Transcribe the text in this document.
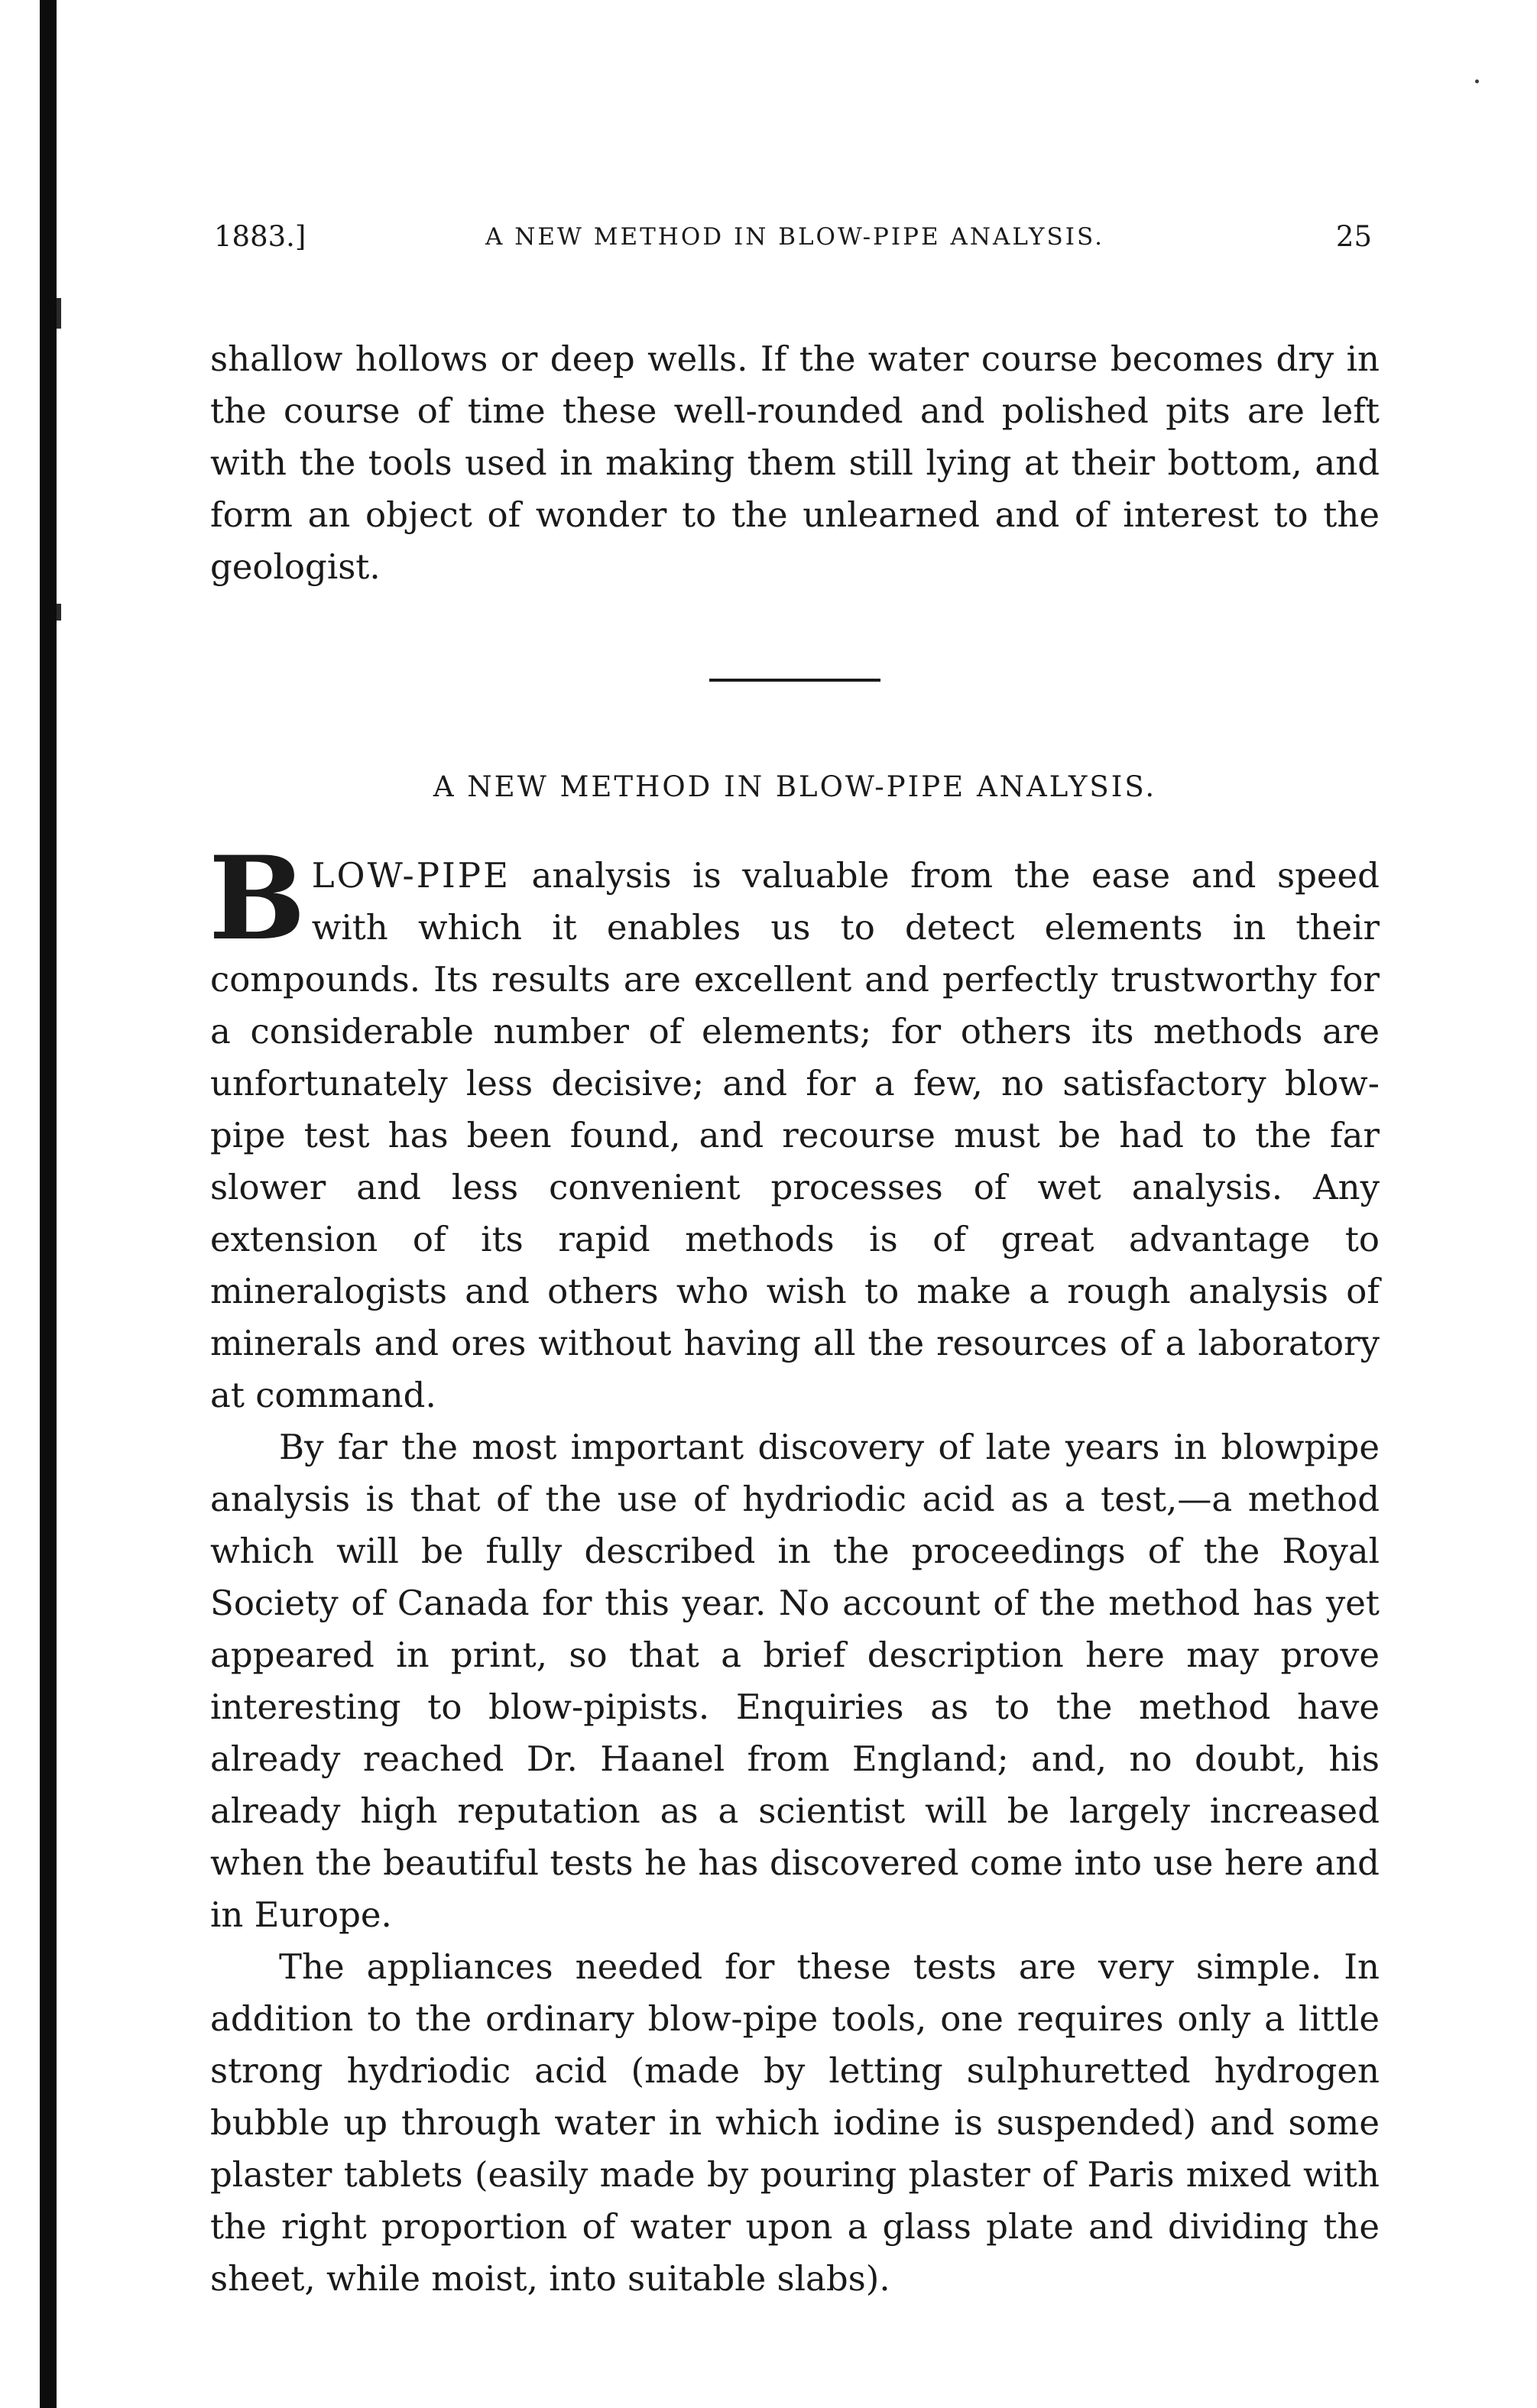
1883.]	A NEW METHOD IN BLOW-PIPE ANALYSIS.	25

shallow hollows or deep wells. If the water course becomes dry in the course of time these well-rounded and polished pits are left with the tools used in making them still lying at their bottom, and form an object of wonder to the unlearned and of interest to the geologist.

A NEW METHOD IN BLOW-PIPE ANALYSIS.

BLOW-PIPE analysis is valuable from the ease and speed with which it enables us to detect elements in their compounds. Its results are excellent and perfectly trustworthy for a considerable number of elements; for others its methods are unfortunately less decisive; and for a few, no satisfactory blow-pipe test has been found, and recourse must be had to the far slower and less convenient processes of wet analysis. Any extension of its rapid methods is of great advantage to mineralogists and others who wish to make a rough analysis of minerals and ores without having all the resources of a laboratory at command.

By far the most important discovery of late years in blowpipe analysis is that of the use of hydriodic acid as a test,—a method which will be fully described in the proceedings of the Royal Society of Canada for this year. No account of the method has yet appeared in print, so that a brief description here may prove interesting to blow-pipists. Enquiries as to the method have already reached Dr. Haanel from England; and, no doubt, his already high reputation as a scientist will be largely increased when the beautiful tests he has discovered come into use here and in Europe.

The appliances needed for these tests are very simple. In addition to the ordinary blow-pipe tools, one requires only a little strong hydriodic acid (made by letting sulphuretted hydrogen bubble up through water in which iodine is suspended) and some plaster tablets (easily made by pouring plaster of Paris mixed with the right proportion of water upon a glass plate and dividing the sheet, while moist, into suitable slabs).
